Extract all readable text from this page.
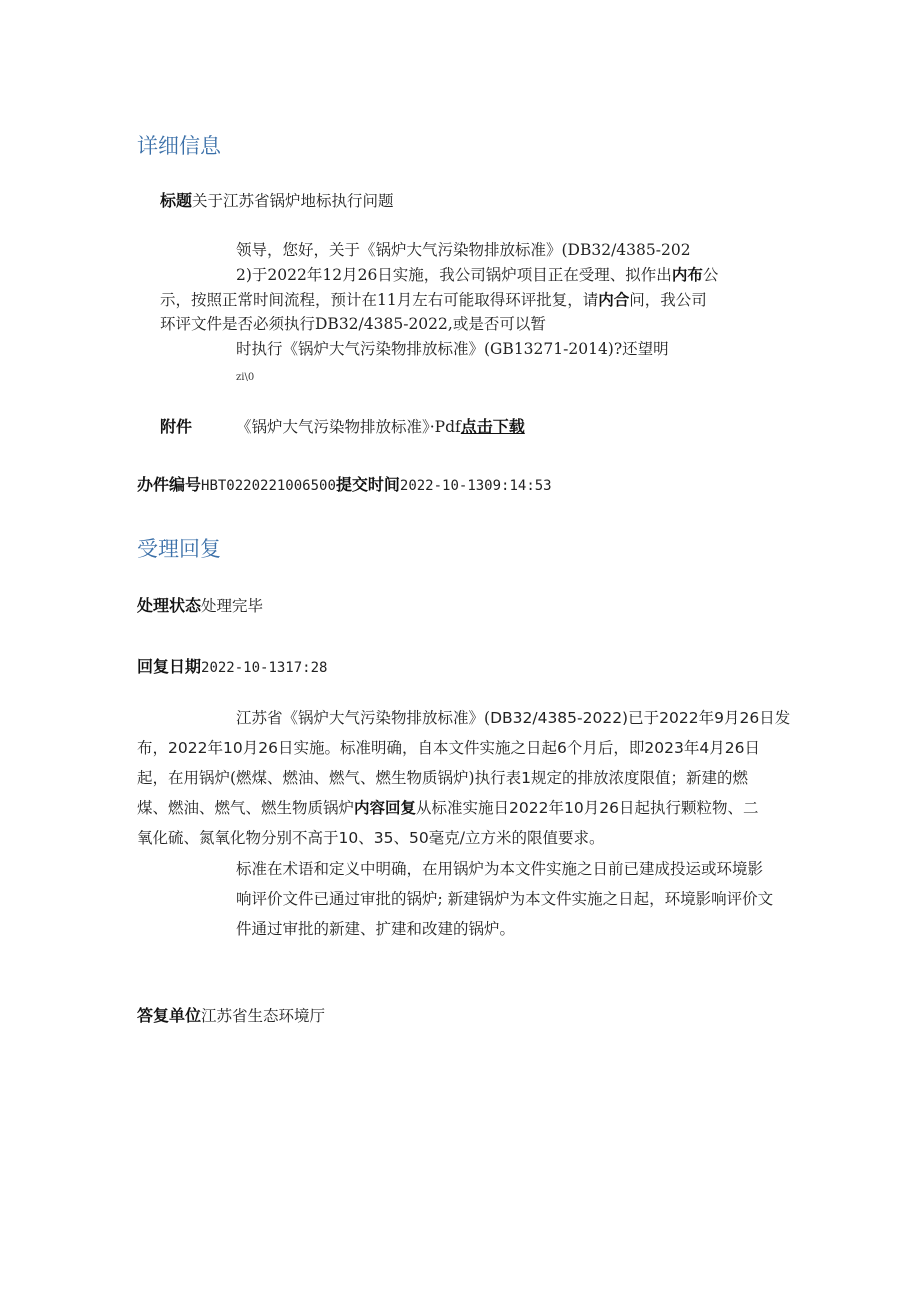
详细信息
标题关于江苏省锅炉地标执行问题
领导，您好，关于《锅炉大气污染物排放标准》(DB32/4385-202
2)于2022年12月26日实施，我公司锅炉项目正在受理、拟作出内布公
示，按照正常时间流程，预计在11月左右可能取得环评批复，请内合问，我公司
环评文件是否必须执行DB32/4385-2022,或是否可以暂
时执行《锅炉大气污染物排放标准》(GB13271-2014)?还望明
zi\0
附件	《锅炉大气污染物排放标准》·Pdf点击下载
办件编号HBT0220221006500提交时间2022-10-1309:14:53
受理回复
处理状态处理完毕
回复日期2022-10-1317:28
江苏省《锅炉大气污染物排放标准》(DB32/4385-2022)已于2022年9月26日发
布，2022年10月26日实施。标准明确，自本文件实施之日起6个月后，即2023年4月26日
起，在用锅炉(燃煤、燃油、燃气、燃生物质锅炉)执行表1规定的排放浓度限值；新建的燃
煤、燃油、燃气、燃生物质锅炉内容回复从标准实施日2022年10月26日起执行颗粒物、二
氧化硫、氮氧化物分别不高于10、35、50毫克/立方米的限值要求。
标准在术语和定义中明确，在用锅炉为本文件实施之日前已建成投运或环境影
响评价文件已通过审批的锅炉; 新建锅炉为本文件实施之日起，环境影响评价文
件通过审批的新建、扩建和改建的锅炉。
答复单位江苏省生态环境厅
